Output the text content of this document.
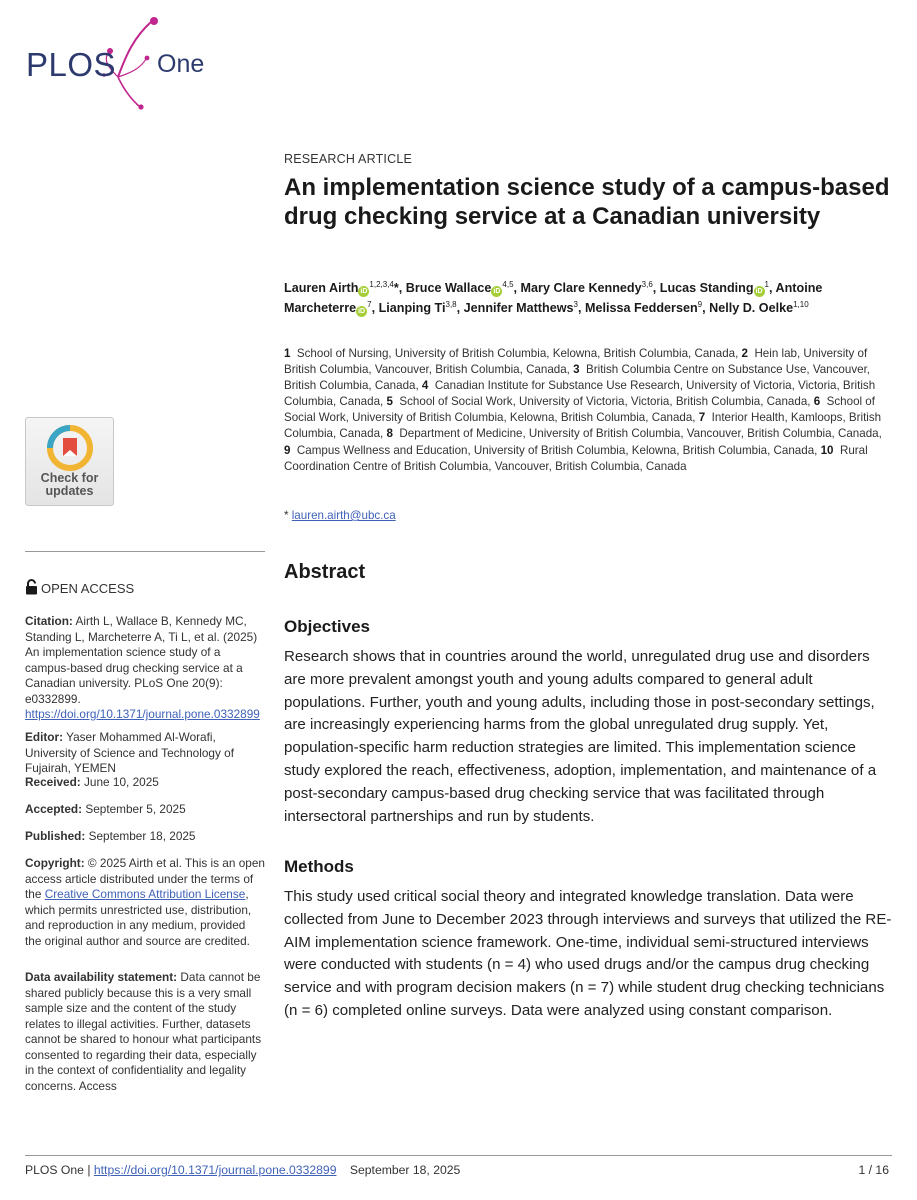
PLOS One
Check for
updates
OPEN ACCESS
Citation: Airth L, Wallace B, Kennedy MC, Standing L, Marcheterre A, Ti L, et al. (2025) An implementation science study of a campus-based drug checking service at a Canadian university. PLoS One 20(9): e0332899. https://doi.org/10.1371/journal.pone.0332899
Editor: Yaser Mohammed Al-Worafi, University of Science and Technology of Fujairah, YEMEN
Received: June 10, 2025
Accepted: September 5, 2025
Published: September 18, 2025
Copyright: © 2025 Airth et al. This is an open access article distributed under the terms of the Creative Commons Attribution License, which permits unrestricted use, distribution, and reproduction in any medium, provided the original author and source are credited.
Data availability statement: Data cannot be shared publicly because this is a very small sample size and the content of the study relates to illegal activities. Further, datasets cannot be shared to honour what participants consented to regarding their data, especially in the context of confidentiality and legality concerns. Access
RESEARCH ARTICLE
An implementation science study of a campus-based drug checking service at a Canadian university
Lauren Airth iD$^{1,2,3,4}$*, Bruce Wallace iD$^{4,5}$, Mary Clare Kennedy$^{3,6}$, Lucas Standing $iD^1$, Antoine Marcheterre $iD^7$, Lianping Ti$^{3,8}$, Jennifer Matthews$^3$, Melissa Feddersen$^9$, Nelly D. Oelke$^{1,10}$
1 School of Nursing, University of British Columbia, Kelowna, British Columbia, Canada, 2 Hein lab, University of British Columbia, Vancouver, British Columbia, Canada, 3 British Columbia Centre on Substance Use, Vancouver, British Columbia, Canada, 4 Canadian Institute for Substance Use Research, University of Victoria, Victoria, British Columbia, Canada, 5 School of Social Work, University of Victoria, Victoria, British Columbia, Canada, 6 School of Social Work, University of British Columbia, Kelowna, British Columbia, Canada, 7 Interior Health, Kamloops, British Columbia, Canada, 8 Department of Medicine, University of British Columbia, Vancouver, British Columbia, Canada, 9 Campus Wellness and Education, University of British Columbia, Kelowna, British Columbia, Canada, 10 Rural Coordination Centre of British Columbia, Vancouver, British Columbia, Canada
* lauren.airth@ubc.ca
Abstract
Objectives

Research shows that in countries around the world, unregulated drug use and disorders are more prevalent amongst youth and young adults compared to general adult populations. Further, youth and young adults, including those in post-secondary settings, are increasingly experiencing harms from the global unregulated drug supply. Yet, population-specific harm reduction strategies are limited. This implementation science study explored the reach, effectiveness, adoption, implementation, and maintenance of a post-secondary campus-based drug checking service that was facilitated through intersectoral partnerships and run by students.

Methods

This study used critical social theory and integrated knowledge translation. Data were collected from June to December 2023 through interviews and surveys that utilized the RE-AIM implementation science framework. One-time, individual semi-structured interviews were conducted with students (n = 4) who used drugs and/or the campus drug checking service and with program decision makers (n = 7) while student drug checking technicians (n = 6) completed online surveys. Data were analyzed using constant comparison.

PLOS One | https://doi.org/10.1371/journal.pone.0332899 September 18, 2025	1 / 16
